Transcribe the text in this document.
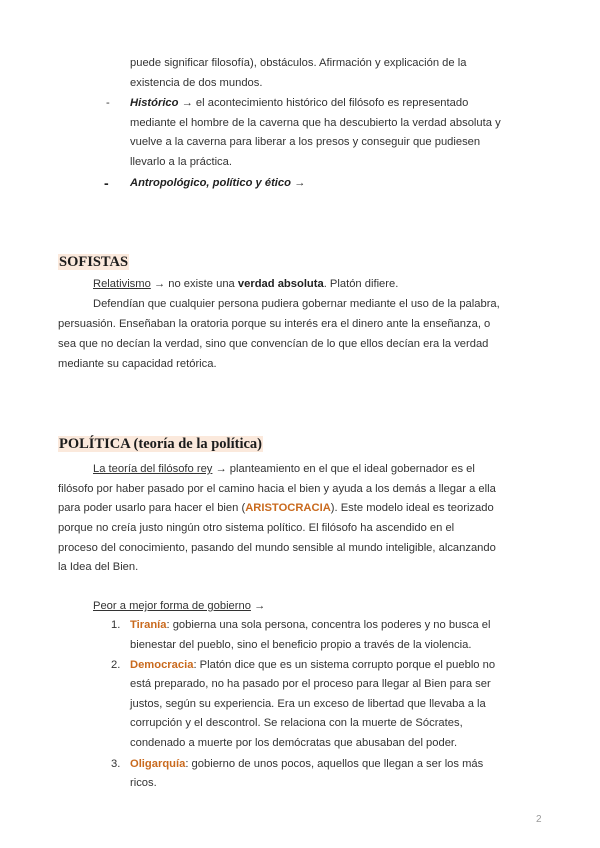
puede significar filosofía), obstáculos. Afirmación y explicación de la

existencia de dos mundos.

- Histórico → el acontecimiento histórico del filósofo es representado

mediante el hombre de la caverna que ha descubierto la verdad absoluta y

vuelve a la caverna para liberar a los presos y conseguir que pudiesen

llevarlo a la práctica.

- Antropológico, político y ético →

SOFISTAS

Relativismo → no existe una verdad absoluta. Platón difiere.

Defendían que cualquier persona pudiera gobernar mediante el uso de la palabra,

persuasión. Enseñaban la oratoria porque su interés era el dinero ante la enseñanza, o

sea que no decían la verdad, sino que convencían de lo que ellos decían era la verdad

mediante su capacidad retórica.

POLÍTICA (teoría de la política)

La teoría del filósofo rey → planteamiento en el que el ideal gobernador es el

filósofo por haber pasado por el camino hacia el bien y ayuda a los demás a llegar a ella

para poder usarlo para hacer el bien (ARISTOCRACIA). Este modelo ideal es teorizado

porque no creía justo ningún otro sistema político. El filósofo ha ascendido en el

proceso del conocimiento, pasando del mundo sensible al mundo inteligible, alcanzando

la Idea del Bien.

Peor a mejor forma de gobierno →

1. Tiranía: gobierna una sola persona, concentra los poderes y no busca el

bienestar del pueblo, sino el beneficio propio a través de la violencia.

2. Democracia: Platón dice que es un sistema corrupto porque el pueblo no

está preparado, no ha pasado por el proceso para llegar al Bien para ser

justos, según su experiencia. Era un exceso de libertad que llevaba a la

corrupción y el descontrol. Se relaciona con la muerte de Sócrates,

condenado a muerte por los demócratas que abusaban del poder.

3. Oligarquía: gobierno de unos pocos, aquellos que llegan a ser los más

ricos.

2
